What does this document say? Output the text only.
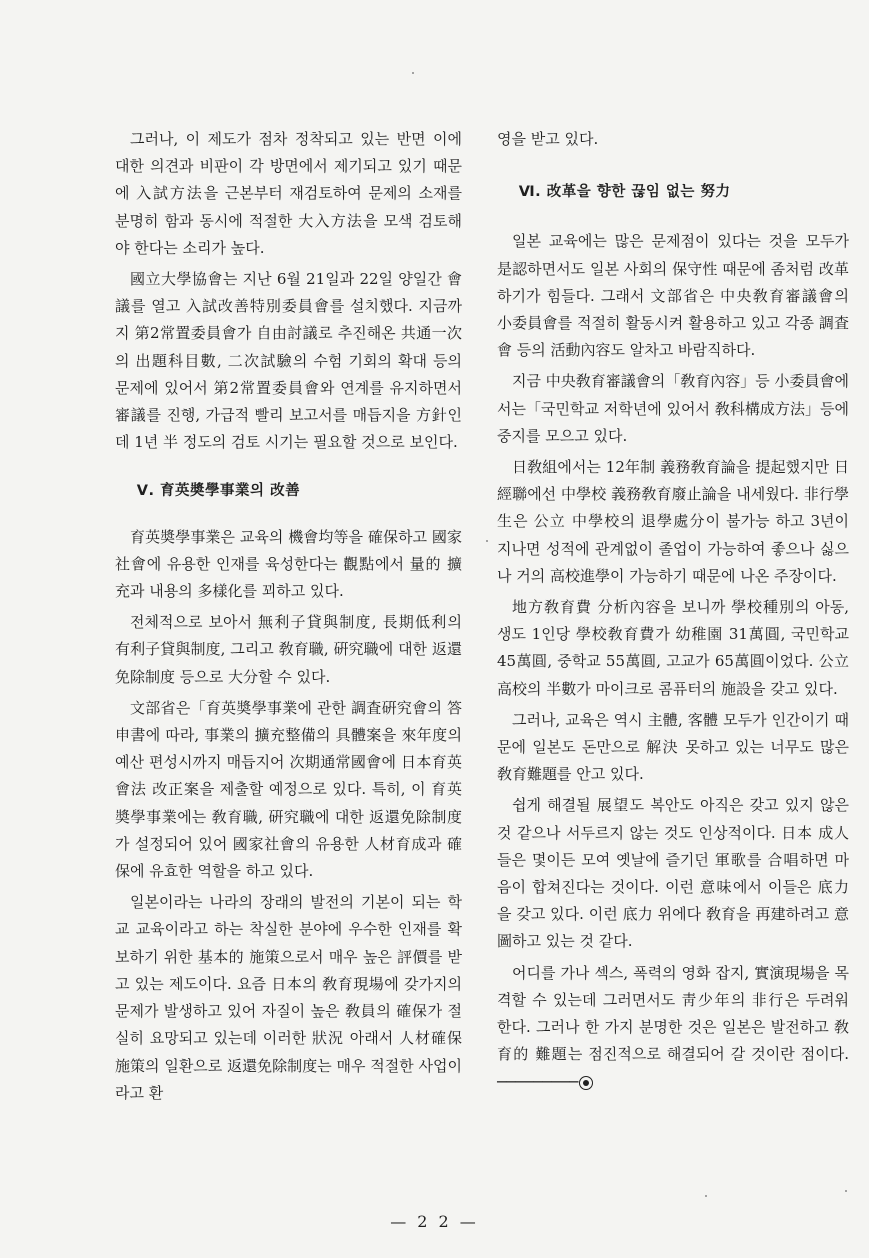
그러나, 이 제도가 점차 정착되고 있는 반면 이에 대한 의견과 비판이 각 방면에서 제기되고 있기 때문에 入試方法을 근본부터 재검토하여 문제의 소재를 분명히 함과 동시에 적절한 大入方法을 모색 검토해야 한다는 소리가 높다.

國立大學協會는 지난 6월 21일과 22일 양일간 會議를 열고 入試改善特別委員會를 설치했다. 지금까지 第2常置委員會가 自由討議로 추진해온 共通一次의 出題科目數, 二次試驗의 수험 기회의 확대 등의 문제에 있어서 第2常置委員會와 연계를 유지하면서 審議를 진행, 가급적 빨리 보고서를 매듭지을 方針인데 1년 半 정도의 검토 시기는 필요할 것으로 보인다.

Ⅴ. 育英奬學事業의 改善

育英奬學事業은 교육의 機會均等을 確保하고 國家社會에 유용한 인재를 육성한다는 觀點에서 量的 擴充과 내용의 多樣化를 꾀하고 있다.

전체적으로 보아서 無利子貸與制度, 長期低利의 有利子貸與制度, 그리고 敎育職, 硏究職에 대한 返還免除制度 등으로 大分할 수 있다.

文部省은「育英奬學事業에 관한 調査硏究會의 答申書에 따라, 事業의 擴充整備의 具體案을 來年度의 예산 편성시까지 매듭지어 次期通常國會에 日本育英會法 改正案을 제출할 예정으로 있다. 특히, 이 育英奬學事業에는 敎育職, 硏究職에 대한 返還免除制度가 설정되어 있어 國家社會의 유용한 人材育成과 確保에 유효한 역할을 하고 있다.

일본이라는 나라의 장래의 발전의 기본이 되는 학교 교육이라고 하는 착실한 분야에 우수한 인재를 확보하기 위한 基本的 施策으로서 매우 높은 評價를 받고 있는 제도이다. 요즘 日本의 敎育現場에 갖가지의 문제가 발생하고 있어 자질이 높은 敎員의 確保가 절실히 요망되고 있는데 이러한 狀況 아래서 人材確保施策의 일환으로 返還免除制度는 매우 적절한 사업이라고 환

영을 받고 있다.

Ⅵ. 改革을 향한 끊임 없는 努力

일본 교육에는 많은 문제점이 있다는 것을 모두가 是認하면서도 일본 사회의 保守性 때문에 좀처럼 改革하기가 힘들다. 그래서 文部省은 中央敎育審議會의 小委員會를 적절히 활동시켜 활용하고 있고 각종 調査會 등의 活動內容도 알차고 바람직하다.

지금 中央敎育審議會의「敎育內容」등 小委員會에서는「국민학교 저학년에 있어서 敎科構成方法」등에 중지를 모으고 있다.

日敎組에서는 12年制 義務敎育論을 提起했지만 日經聯에선 中學校 義務敎育廢止論을 내세웠다. 非行學生은 公立 中學校의 退學處分이 불가능 하고 3년이 지나면 성적에 관계없이 졸업이 가능하여 좋으나 싫으나 거의 高校進學이 가능하기 때문에 나온 주장이다.

地方敎育費 分析內容을 보니까 學校種別의 아동, 생도 1인당 學校敎育費가 幼稚園 31萬圓, 국민학교 45萬圓, 중학교 55萬圓, 고교가 65萬圓이었다. 公立 高校의 半數가 마이크로 콤퓨터의 施設을 갖고 있다.

그러나, 교육은 역시 主體, 客體 모두가 인간이기 때문에 일본도 돈만으로 解決 못하고 있는 너무도 많은 敎育難題를 안고 있다.

쉽게 해결될 展望도 복안도 아직은 갖고 있지 않은 것 같으나 서두르지 않는 것도 인상적이다. 日本 成人들은 몇이든 모여 옛날에 즐기던 軍歌를 合唱하면 마음이 합쳐진다는 것이다. 이런 意味에서 이들은 底力을 갖고 있다. 이런 底力 위에다 敎育을 再建하려고 意圖하고 있는 것 같다.

어디를 가나 섹스, 폭력의 영화 잡지, 實演現場을 목격할 수 있는데 그러면서도 靑少年의 非行은 두려워 한다. 그러나 한 가지 분명한 것은 일본은 발전하고 敎育的 難題는 점진적으로 해결되어 갈 것이란 점이다. ─────────

— 2 2 —
